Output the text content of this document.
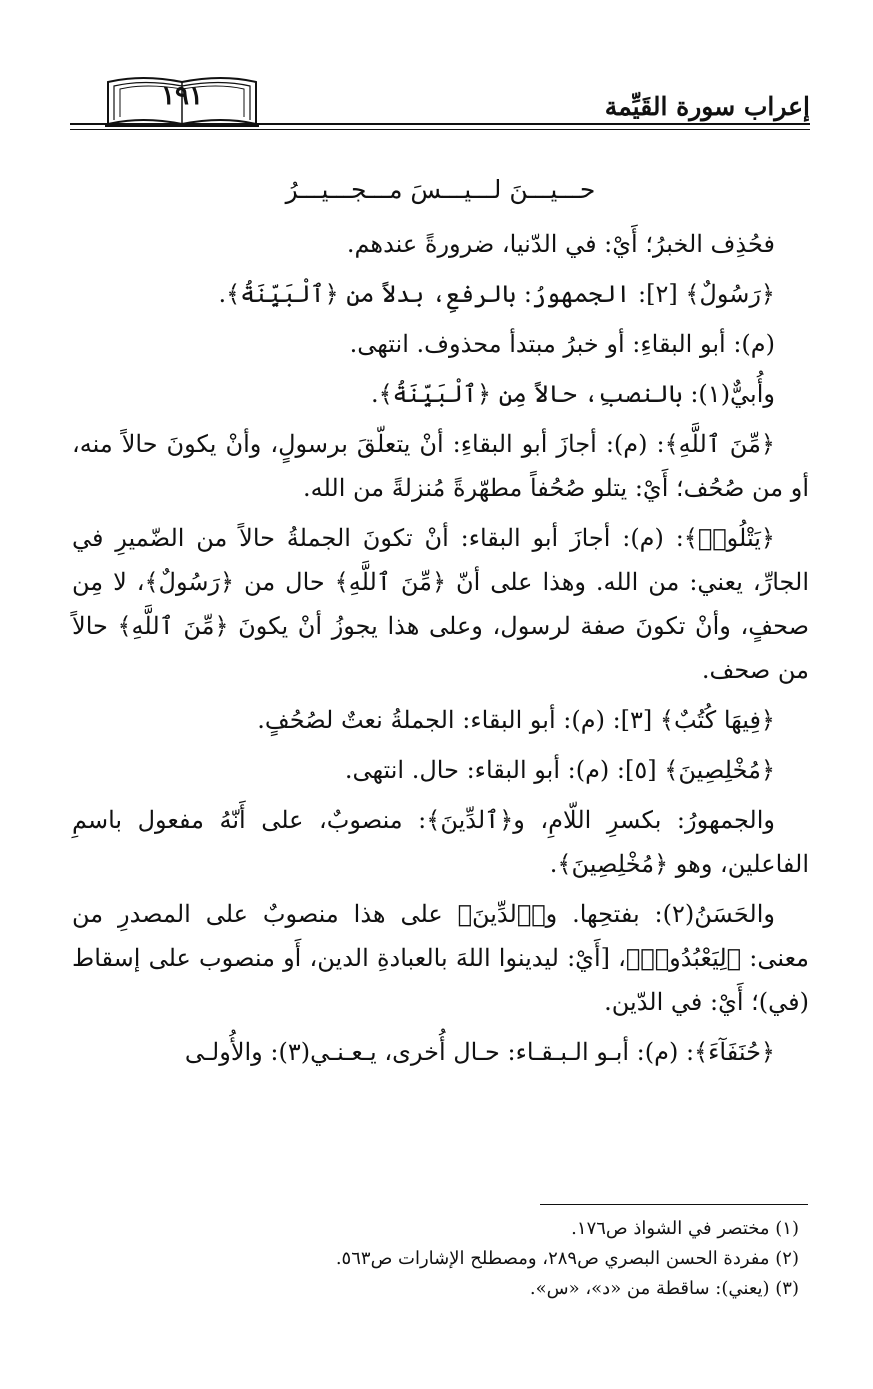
إعراب سورة القَيِّمة
١٩١
حـــيـــنَ لـــيـــسَ مـــجـــيـــرُ

فحُذِف الخبرُ؛ أَيْ: في الدّنيا، ضرورةً عندهم.

﴿رَسُولٌ﴾ [٢]: الجمهورُ: بالرفعِ، بدلاً من ﴿ٱلْبَيِّنَةُ﴾.

(م): أبو البقاءِ: أو خبرُ مبتدأ محذوف. انتهى.

وأُبيٌّ(١): بالنصبِ، حالاً مِن ﴿ٱلْبَيِّنَةُ﴾.

﴿مِّنَ ٱللَّهِ﴾: (م): أجازَ أبو البقاءِ: أنْ يتعلّقَ برسولٍ، وأنْ يكونَ حالاً منه، أو من صُحُف؛ أَيْ: يتلو صُحُفاً مطهّرةً مُنزلةً من الله.

﴿يَتْلُوا۟﴾: (م): أجازَ أبو البقاء: أنْ تكونَ الجملةُ حالاً من الضّميرِ في الجارِّ، يعني: من الله. وهذا على أنّ ﴿مِّنَ ٱللَّهِ﴾ حال من ﴿رَسُولٌ﴾، لا مِن صحفٍ، وأنْ تكونَ صفة لرسول، وعلى هذا يجوزُ أنْ يكونَ ﴿مِّنَ ٱللَّهِ﴾ حالاً من صحف.

﴿فِيهَا كُتُبٌ﴾ [٣]: (م): أبو البقاء: الجملةُ نعتٌ لصُحُفٍ.

﴿مُخْلِصِينَ﴾ [٥]: (م): أبو البقاء: حال. انتهى.

والجمهورُ: بكسرِ اللّامِ، و﴿ٱلدِّينَ﴾: منصوبٌ، على أَنّهُ مفعول باسمِ الفاعلين، وهو ﴿مُخْلِصِينَ﴾.

والحَسَنُ(٢): بفتحِها. و﴿ٱلدِّينَ﴾ على هذا منصوبٌ على المصدرِ من معنى: ﴿لِيَعْبُدُوا۟﴾، [أَيْ: ليدينوا اللهَ بالعبادةِ الدين، أَو منصوب على إسقاط (في)؛ أَيْ: في الدّين.

﴿حُنَفَآءَ﴾: (م): أبـو الـبـقـاء: حـال أُخرى، يـعـنـي(٣): والأُولـى

(١) مختصر في الشواذ ص١٧٦.
(٢) مفردة الحسن البصري ص٢٨٩، ومصطلح الإشارات ص٥٦٣.
(٣) (يعني): ساقطة من «د»، «س».
